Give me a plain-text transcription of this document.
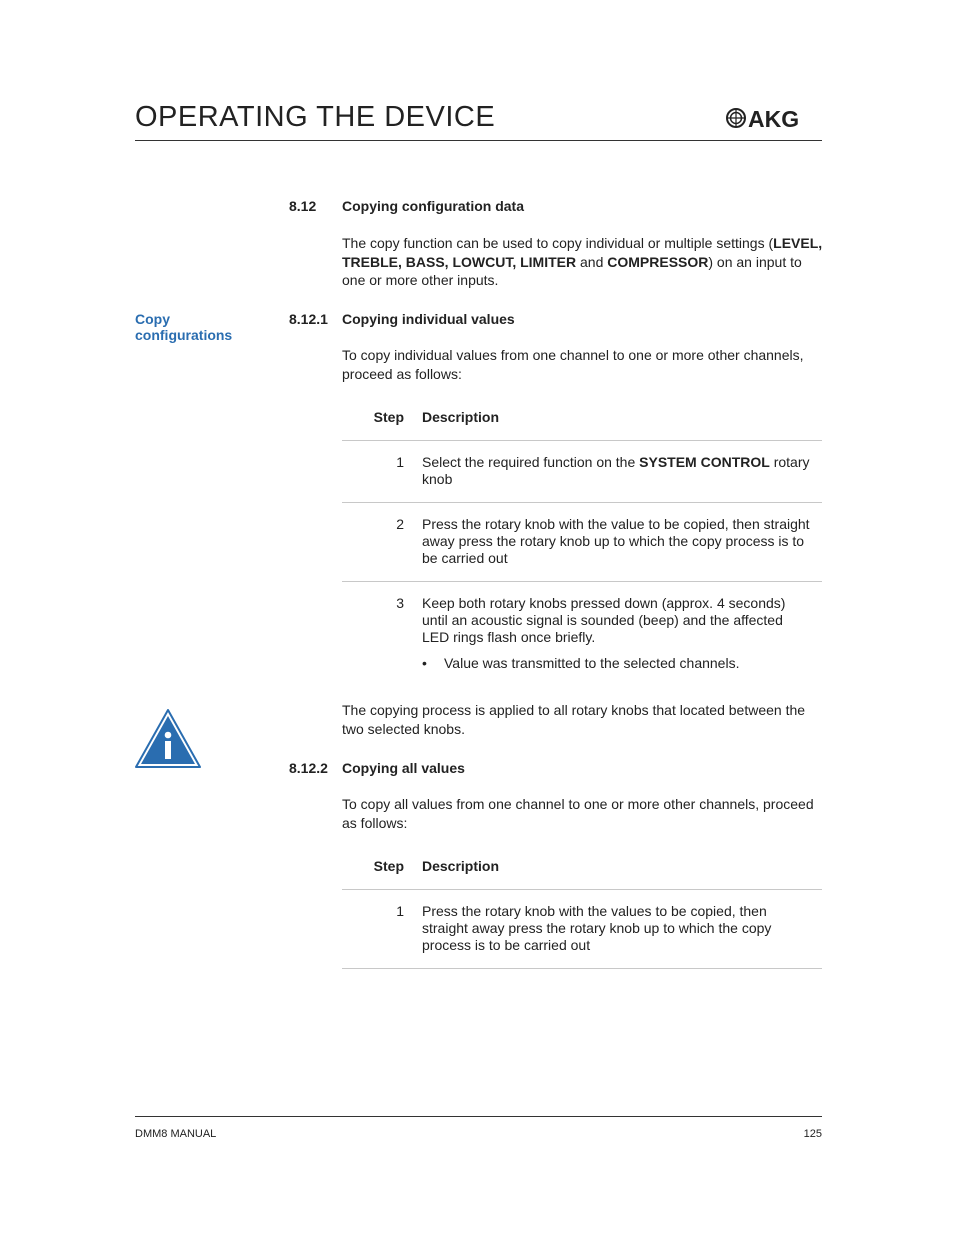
OPERATING THE DEVICE	AKG
8.12 Copying configuration data

The copy function can be used to copy individual or multiple settings (LEVEL, TREBLE, BASS, LOWCUT, LIMITER and COMPRESSOR) on an input to one or more other inputs.

Copy configurations
8.12.1 Copying individual values

To copy individual values from one channel to one or more other channels, proceed as follows:

Step Description
1 Select the required function on the SYSTEM CONTROL rotary knob
2 Press the rotary knob with the value to be copied, then straight away press the rotary knob up to which the copy process is to be carried out
3 Keep both rotary knobs pressed down (approx. 4 seconds) until an acoustic signal is sounded (beep) and the affected LED rings flash once briefly.
• Value was transmitted to the selected channels.

The copying process is applied to all rotary knobs that located between the two selected knobs.

8.12.2 Copying all values

To copy all values from one channel to one or more other channels, proceed as follows:

Step Description
1 Press the rotary knob with the values to be copied, then straight away press the rotary knob up to which the copy process is to be carried out
DMM8 MANUAL	125
